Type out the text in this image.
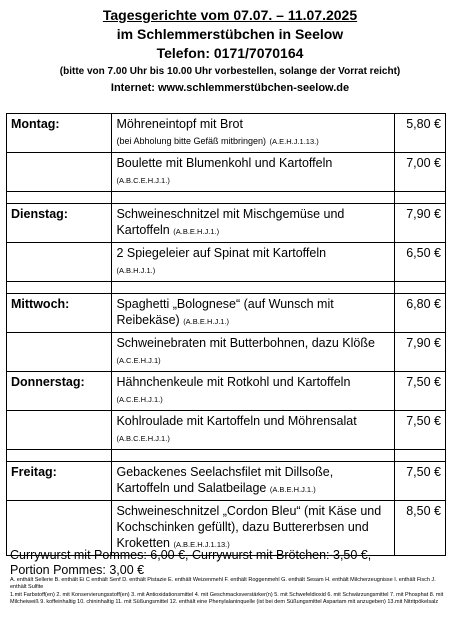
Tagesgerichte vom 07.07. – 11.07.2025
im Schlemmerstübchen in Seelow
Telefon: 0171/7070164
(bitte von 7.00 Uhr bis 10.00 Uhr vorbestellen, solange der Vorrat reicht)
Internet: www.schlemmerstübchen-seelow.de
Montag:	Möhreneintopf mit Brot
(bei Abholung bitte Gefäß mitbringen) (A.E.H.J.1.13.)	5,80 €
	Boulette mit Blumenkohl und Kartoffeln
(A.B.C.E.H.J.1.)	7,00 €

Dienstag:	Schweineschnitzel mit Mischgemüse und Kartoffeln (A.B.E.H.J.1.)	7,90 €
	2 Spiegeleier auf Spinat mit Kartoffeln
(A.B.H.J.1.)	6,50 €

Mittwoch:	Spaghetti „Bolognese“ (auf Wunsch mit Reibekäse) (A.B.E.H.J.1.)	6,80 €
	Schweinebraten mit Butterbohnen, dazu Klöße (A.C.E.H.J.1)	7,90 €
Donnerstag:	Hähnchenkeule mit Rotkohl und Kartoffeln (A.C.E.H.J.1.)	7,50 €
	Kohlroulade mit Kartoffeln und Möhrensalat (A.B.C.E.H.J.1.)	7,50 €

Freitag:	Gebackenes Seelachsfilet mit Dillsoße, Kartoffeln und Salatbeilage (A.B.E.H.J.1.)	7,50 €
	Schweineschnitzel „Cordon Bleu“ (mit Käse und Kochschinken gefüllt), dazu Buttererbsen und Kroketten (A.B.E.H.J.1.13.)	8,50 €
Currywurst mit Pommes: 6,00 €, Currywurst mit Brötchen: 3,50 €,
Portion Pommes: 3,00 €
A. enthält Sellerie B. enthält Ei C enthält Senf D. enthält Pistazie E. enthält Weizenmehl F. enthält Roggenmehl G. enthält Sesam H. enthält Milcherzeugnisse I. enthält Fisch J. enthält Sulfite
1.mit Farbstoff(en) 2. mit Konservierungsstoff(en) 3. mit Antioxidationsmittel 4. mit Geschmacksverstärker(n) 5. mit Schwefeldioxid 6. mit Schwärzungsmittel 7. mit Phosphat 8. mit Milcheiweiß 9. koffeinhaltig 10. chininhaltig 11. mit Süßungsmittel 12. enthält eine Phenylalaninquelle (ist bei dem Süßungsmittel Aspartam mit anzugeben) 13.mit Nitritpökelsalz
